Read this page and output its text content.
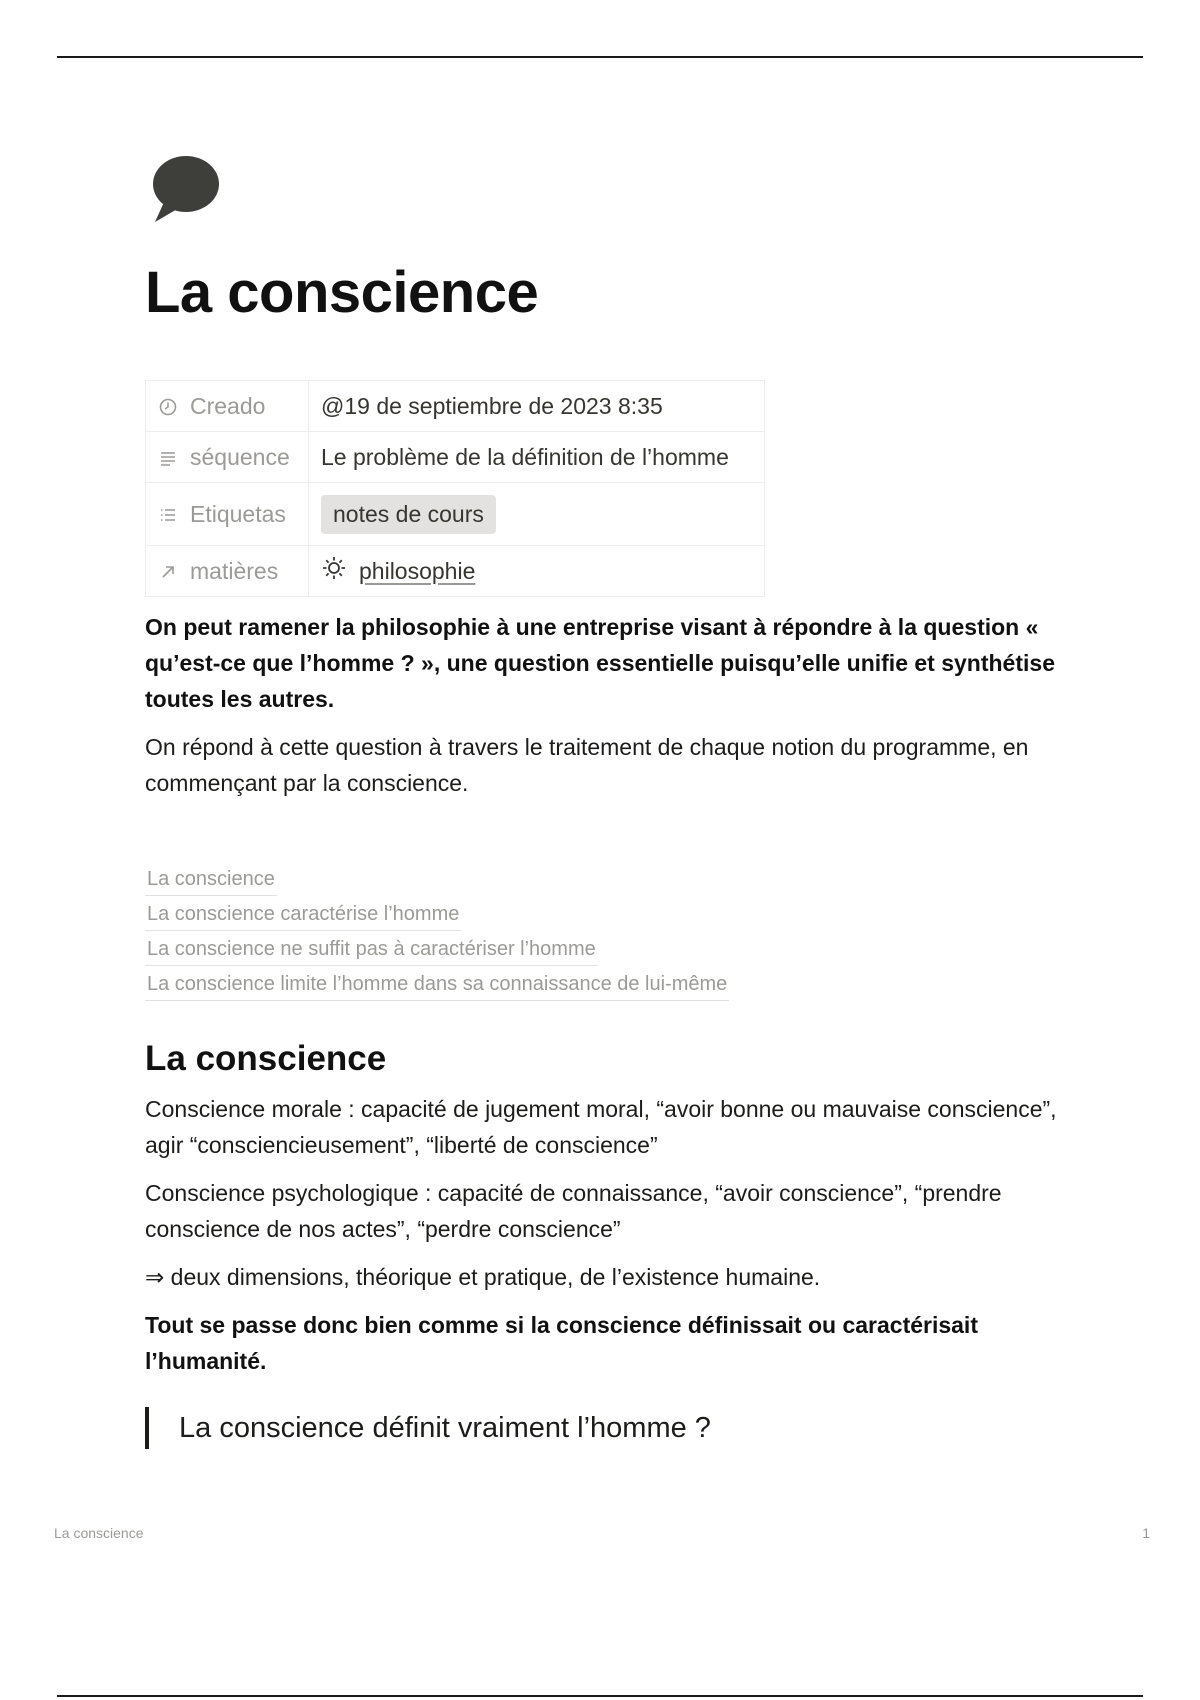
La conscience
Creado	@19 de septiembre de 2023 8:35

séquence	Le problème de la définition de l’homme

Etiquetas	notes de cours

matières	philosophie

On peut ramener la philosophie à une entreprise visant à répondre à la question « qu’est-ce que l’homme ? », une question essentielle puisqu’elle unifie et synthétise toutes les autres.

On répond à cette question à travers le traitement de chaque notion du programme, en commençant par la conscience.

La conscience
La conscience caractérise l’homme
La conscience ne suffit pas à caractériser l’homme
La conscience limite l’homme dans sa connaissance de lui-même
La conscience

Conscience morale : capacité de jugement moral, “avoir bonne ou mauvaise conscience”, agir “consciencieusement”, “liberté de conscience”

Conscience psychologique : capacité de connaissance, “avoir conscience”, “prendre conscience de nos actes”, “perdre conscience”

⇒ deux dimensions, théorique et pratique, de l’existence humaine.

Tout se passe donc bien comme si la conscience définissait ou caractérisait l’humanité.

La conscience définit vraiment l’homme ?
La conscience	1
